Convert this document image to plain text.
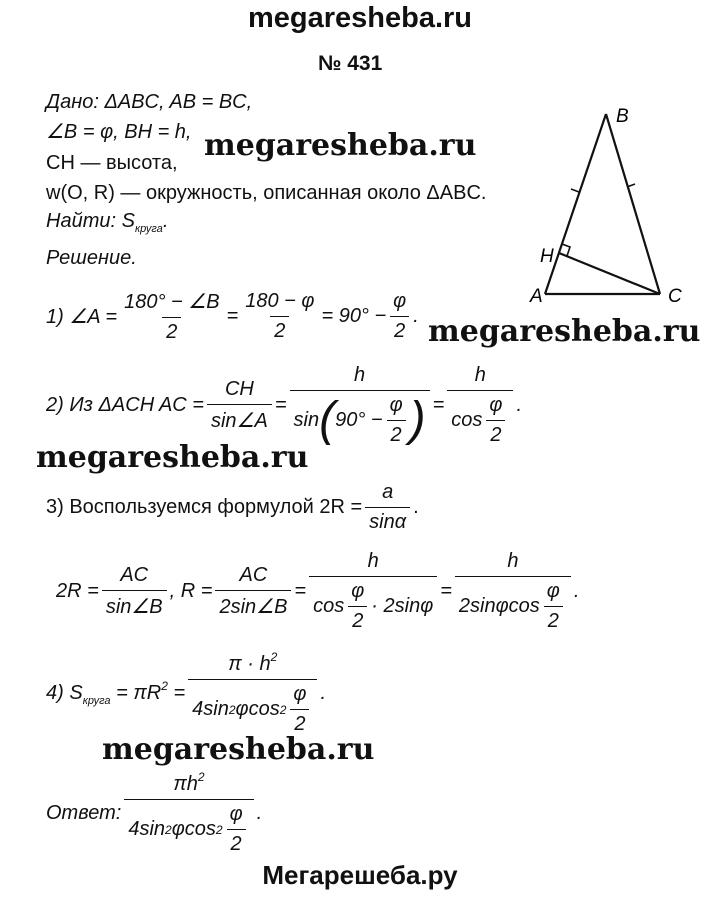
megaresheba.ru
№ 431
Дано: ΔABC, AB = BC,
∠B = φ, BH = h,
CH — высота,
w(O, R) — окружность, описанная около ΔABC.
Найти: $S_{круга}$.
Решение.
megaresheba.ru
megaresheba.ru
megaresheba.ru
megaresheba.ru
B
A	C
H
1) ∠A = $\frac{180^\circ - \angle B}{2} = \frac{180 - \varphi}{2} = 90^\circ - \frac{\varphi}{2}$ .
2) Из ΔACH AC = $\frac{CH}{\sin\angle A} = \frac{h}{\sin ( 90^\circ - \frac{\varphi}{2} )} = \frac{h}{\cos \frac{\varphi}{2}}$ .
3) Воспользуемся формулой $2R = \frac{a}{\sin\alpha}$ .
$2R = \frac{AC}{\sin\angle B}$ , $R = \frac{AC}{2\sin\angle B} = \frac{h}{\cos \frac{\varphi}{2} \cdot 2\sin\varphi} = \frac{h}{2\sin\varphi\cos \frac{\varphi}{2}}$ .
4) $S_{круга} = \pi R^2 = \frac{\pi \cdot h^2}{4\sin 2 \varphi\cos 2 \frac{\varphi}{2}}$ .
Ответ: $\frac{\pi h^2}{4\sin 2 \varphi\cos 2 \frac{\varphi}{2}}$ .
Мегарешеба.ру
